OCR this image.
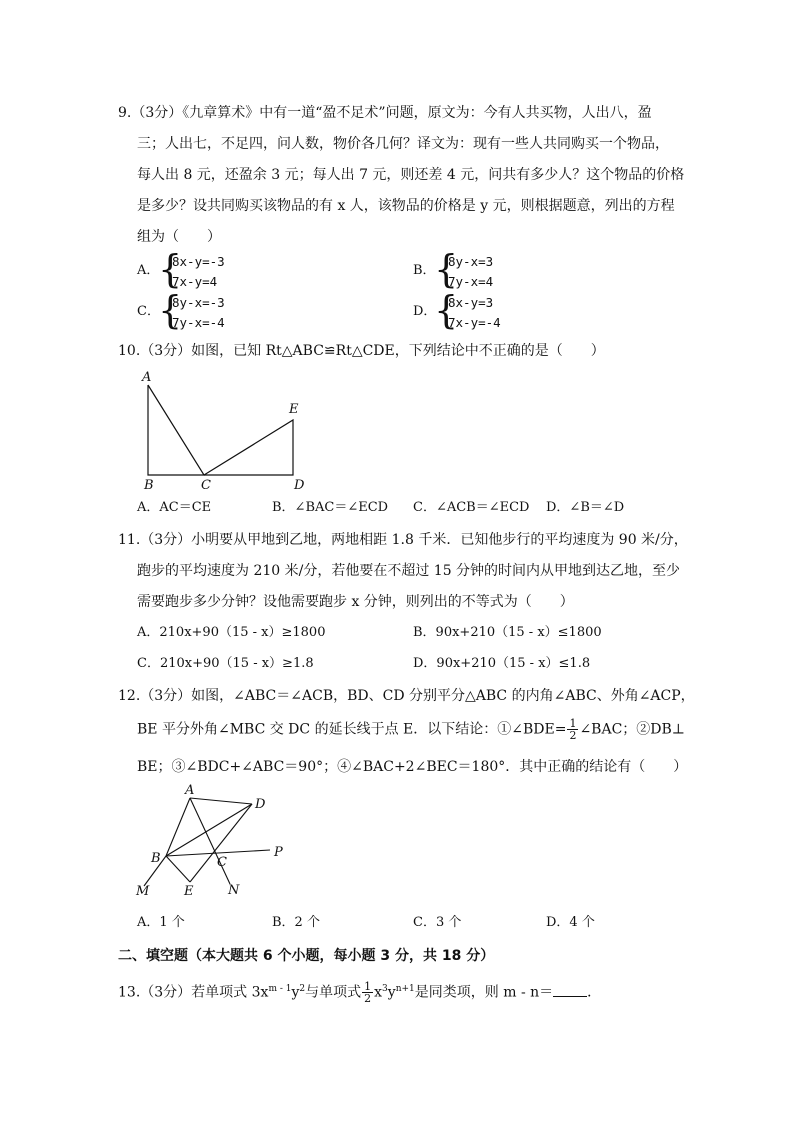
9.（3分）《九章算术》中有一道“盈不足术”问题，原文为：今有人共买物，人出八，盈
三；人出七，不足四，问人数，物价各几何？译文为：现有一些人共同购买一个物品，
每人出 8 元，还盈余 3 元；每人出 7 元，则还差 4 元，问共有多少人？这个物品的价格
是多少？设共同购买该物品的有 x 人，该物品的价格是 y 元，则根据题意，列出的方程
组为（　　）
A．
{
8x-y=-3
7x-y=4
B．
{
8y-x=3
7y-x=4
C．
{
8y-x=-3
7y-x=-4
D．
{
8x-y=3
7x-y=-4
10.（3分）如图，已知 Rt△ABC≌Rt△CDE，下列结论中不正确的是（　　）
A
B	C	D
E
A．AC＝CE	B．∠BAC＝∠ECD C．∠ACB＝∠ECD D．∠B＝∠D
11.（3分）小明要从甲地到乙地，两地相距 1.8 千米．已知他步行的平均速度为 90 米/分，
跑步的平均速度为 210 米/分，若他要在不超过 15 分钟的时间内从甲地到达乙地，至少
需要跑步多少分钟？设他需要跑步 x 分钟，则列出的不等式为（　　）
A．210x+90（15 - x）≥1800	B．90x+210（15 - x）≤1800
C．210x+90（15 - x）≥1.8	D．90x+210（15 - x）≤1.8
12.（3分）如图，∠ABC＝∠ACB，BD、CD 分别平分△ABC 的内角∠ABC、外角∠ACP，
BE 平分外角∠MBC 交 DC 的延长线于点 E．以下结论：①∠BDE= $\frac{1}{2}$ ∠BAC；②DB⊥
BE；③∠BDC+∠ABC＝90°；④∠BAC+2∠BEC＝180°．其中正确的结论有（　　）
A
D
B	C
P
E
M	N
A．1 个	B．2 个	C．3 个	D．4 个
二、填空题（本大题共 6 个小题，每小题 3 分，共 18 分）
13.（3分）若单项式 $3x^{m - 1}y^2$与单项式 $\frac{1}{2} x^3y^{n+1}$是同类项，则 m - n＝ ．
